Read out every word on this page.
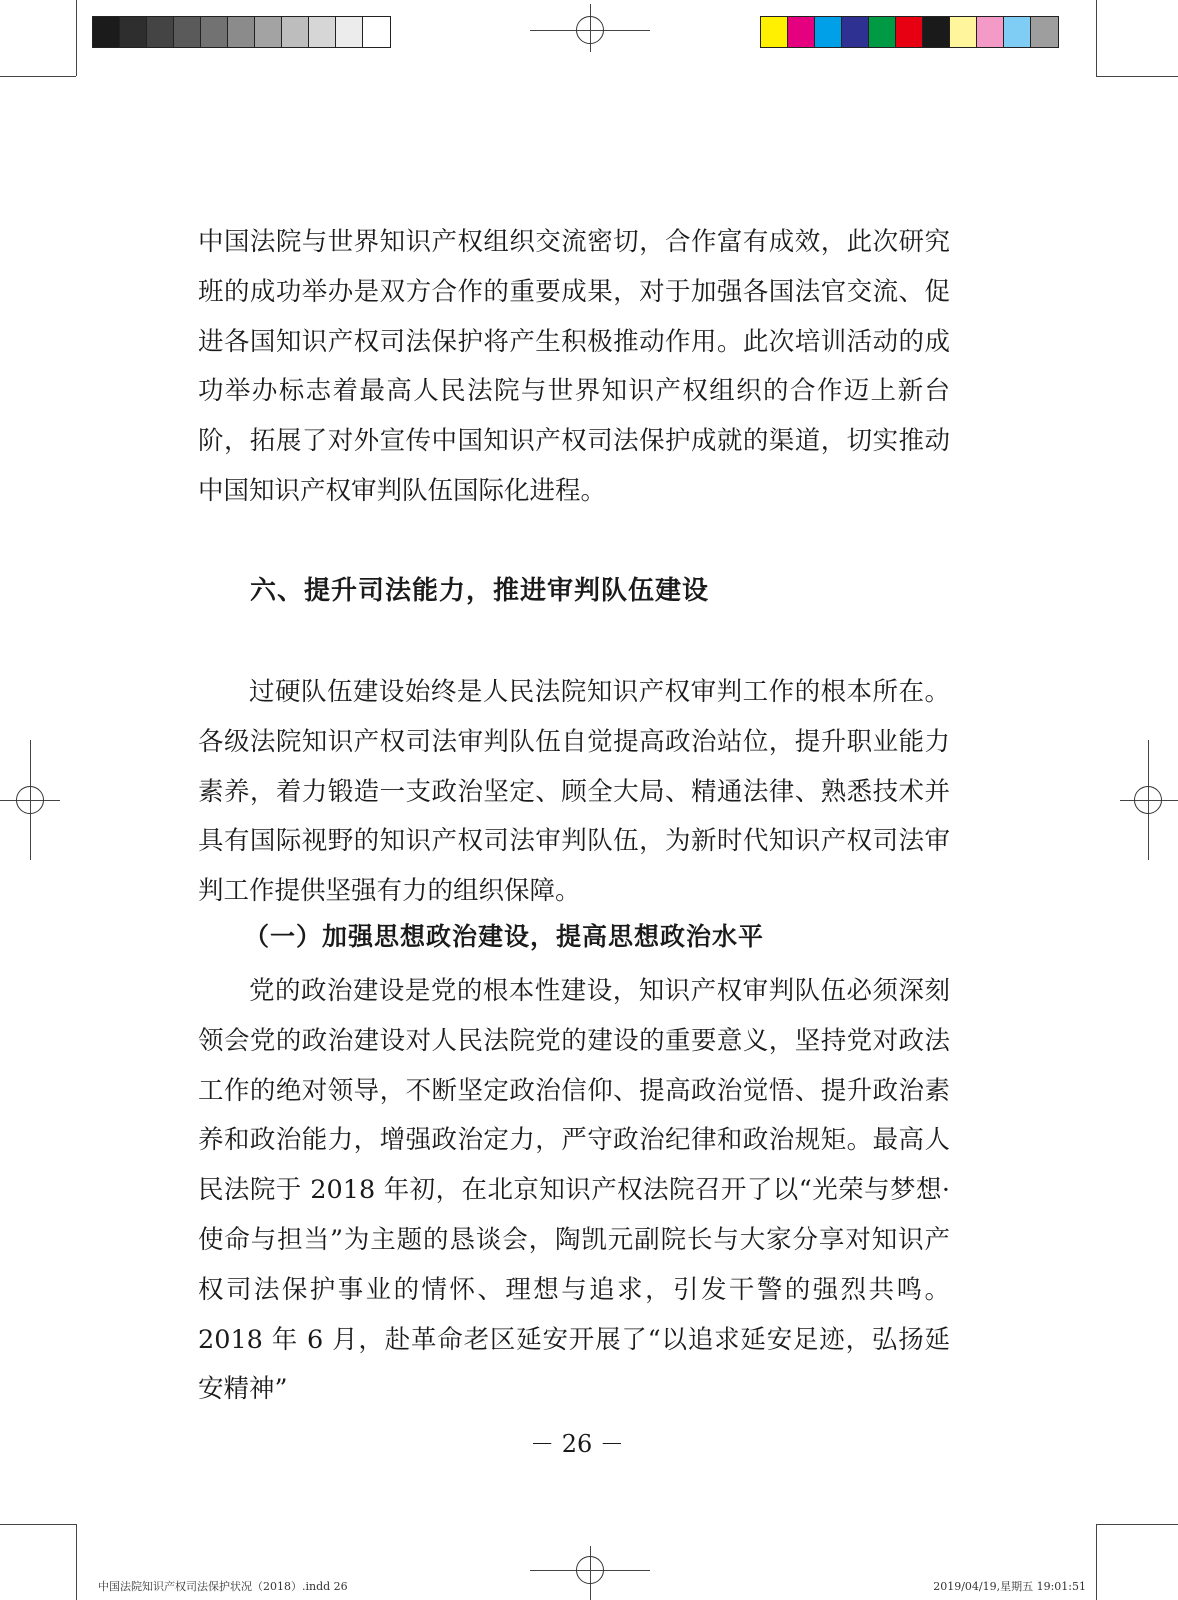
中国法院与世界知识产权组织交流密切，合作富有成效，此次研究班的成功举办是双方合作的重要成果，对于加强各国法官交流、促进各国知识产权司法保护将产生积极推动作用。此次培训活动的成功举办标志着最高人民法院与世界知识产权组织的合作迈上新台阶，拓展了对外宣传中国知识产权司法保护成就的渠道，切实推动中国知识产权审判队伍国际化进程。

六、提升司法能力，推进审判队伍建设

过硬队伍建设始终是人民法院知识产权审判工作的根本所在。各级法院知识产权司法审判队伍自觉提高政治站位，提升职业能力素养，着力锻造一支政治坚定、顾全大局、精通法律、熟悉技术并具有国际视野的知识产权司法审判队伍，为新时代知识产权司法审判工作提供坚强有力的组织保障。

（一）加强思想政治建设，提高思想政治水平

党的政治建设是党的根本性建设，知识产权审判队伍必须深刻领会党的政治建设对人民法院党的建设的重要意义，坚持党对政法工作的绝对领导，不断坚定政治信仰、提高政治觉悟、提升政治素养和政治能力，增强政治定力，严守政治纪律和政治规矩。最高人民法院于 2018 年初，在北京知识产权法院召开了以“光荣与梦想·使命与担当”为主题的恳谈会，陶凯元副院长与大家分享对知识产权司法保护事业的情怀、理想与追求，引发干警的强烈共鸣。2018 年 6 月，赴革命老区延安开展了“以追求延安足迹，弘扬延安精神”

－ 26 －

中国法院知识产权司法保护状况（2018）.indd 26	2019/04/19,星期五 19:01:51
